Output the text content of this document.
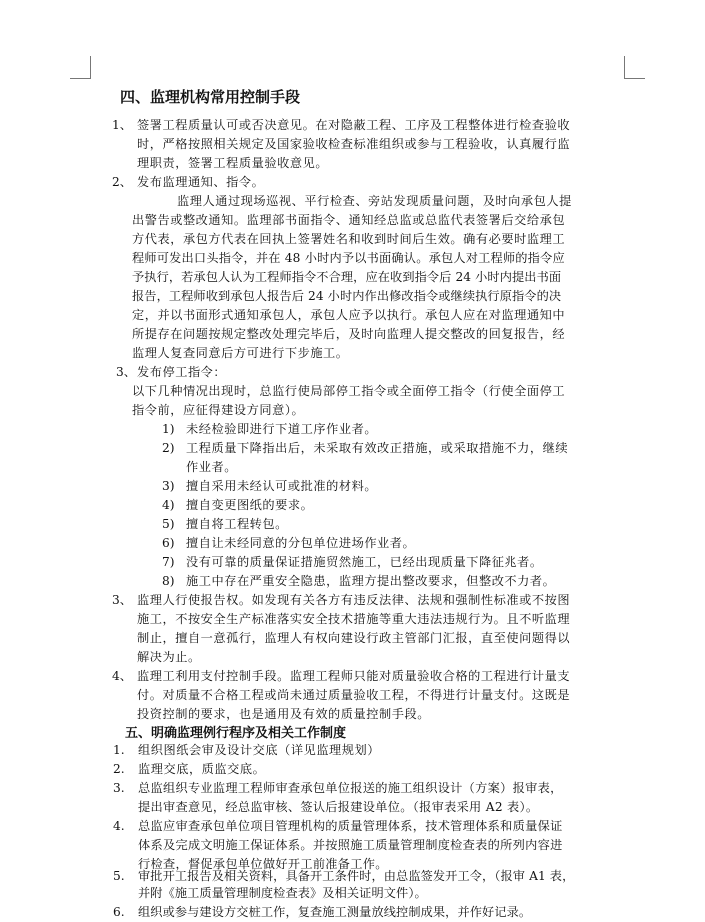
四、监理机构常用控制手段
1、 签署工程质量认可或否决意见。在对隐蔽工程、工序及工程整体进行检查验收
时，严格按照相关规定及国家验收检查标准组织或参与工程验收，认真履行监
理职责，签署工程质量验收意见。
2、 发布监理通知、指令。
监理人通过现场巡视、平行检查、旁站发现质量问题，及时向承包人提
出警告或整改通知。监理部书面指令、通知经总监或总监代表签署后交给承包
方代表，承包方代表在回执上签署姓名和收到时间后生效。确有必要时监理工
程师可发出口头指令，并在 48 小时内予以书面确认。承包人对工程师的指令应
予执行，若承包人认为工程师指令不合理，应在收到指令后 24 小时内提出书面
报告，工程师收到承包人报告后 24 小时内作出修改指令或继续执行原指令的决
定，并以书面形式通知承包人，承包人应予以执行。承包人应在对监理通知中
所提存在问题按规定整改处理完毕后，及时向监理人提交整改的回复报告，经
监理人复查同意后方可进行下步施工。
3、 发布停工指令：
以下几种情况出现时，总监行使局部停工指令或全面停工指令（行使全面停工
指令前，应征得建设方同意）。
1) 未经检验即进行下道工序作业者。
2) 工程质量下降指出后，未采取有效改正措施，或采取措施不力，继续
作业者。
3) 擅自采用未经认可或批准的材料。
4) 擅自变更图纸的要求。
5) 擅自将工程转包。
6) 擅自让未经同意的分包单位进场作业者。
7) 没有可靠的质量保证措施贸然施工，已经出现质量下降征兆者。
8) 施工中存在严重安全隐患，监理方提出整改要求，但整改不力者。
3、 监理人行使报告权。如发现有关各方有违反法律、法规和强制性标准或不按图
施工，不按安全生产标准落实安全技术措施等重大违法违规行为。且不听监理
制止，擅自一意孤行，监理人有权向建设行政主管部门汇报，直至使问题得以
解决为止。
4、 监理工利用支付控制手段。监理工程师只能对质量验收合格的工程进行计量支
付。对质量不合格工程或尚未通过质量验收工程，不得进行计量支付。这既是
投资控制的要求，也是通用及有效的质量控制手段。
五、明确监理例行程序及相关工作制度
1. 组织图纸会审及设计交底（详见监理规划）
2. 监理交底，质监交底。
3. 总监组织专业监理工程师审查承包单位报送的施工组织设计（方案）报审表，
提出审查意见，经总监审核、签认后报建设单位。（报审表采用 A2 表）。
4. 总监应审查承包单位项目管理机构的质量管理体系，技术管理体系和质量保证
体系及完成文明施工保证体系。并按照施工质量管理制度检查表的所列内容进
行检查，督促承包单位做好开工前准备工作。
5. 审批开工报告及相关资料，具备开工条件时，由总监签发开工令，（报审 A1 表，
并附《施工质量管理制度检查表》及相关证明文件）。
6. 组织或参与建设方交桩工作，复查施工测量放线控制成果，并作好记录。
